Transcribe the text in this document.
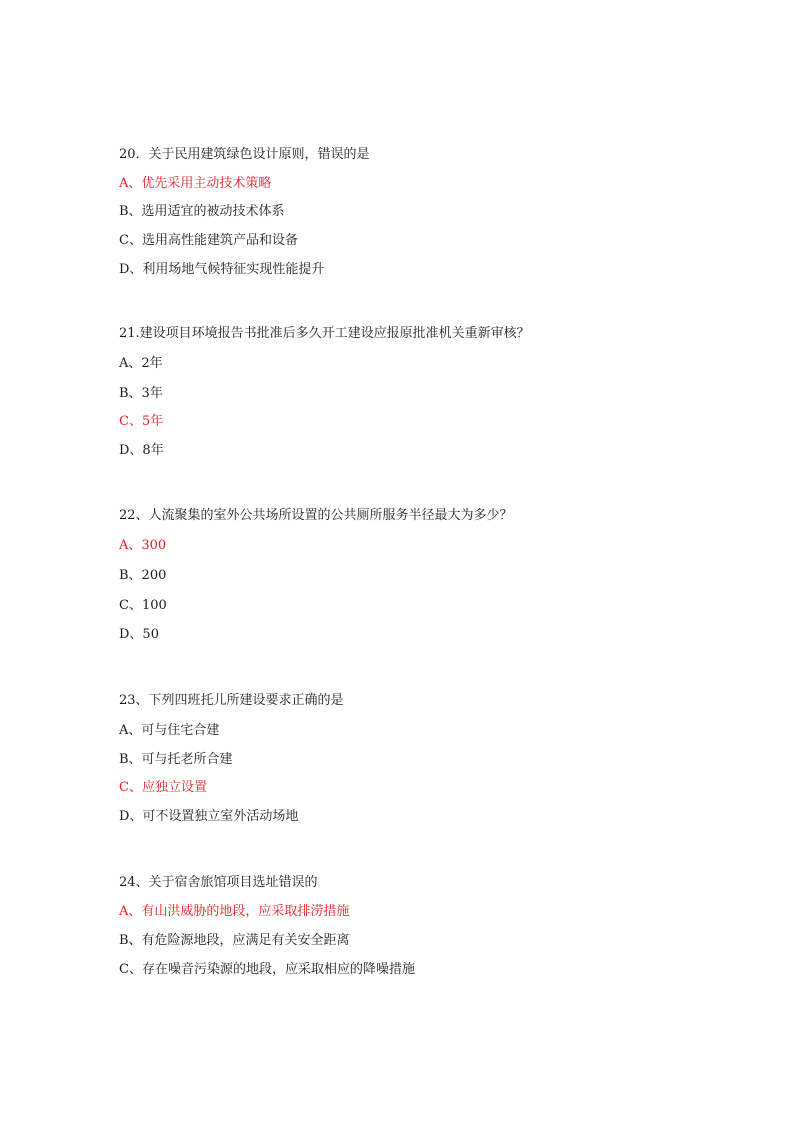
20．关于民用建筑绿色设计原则，错误的是

A、优先采用主动技术策略

B、选用适宜的被动技术体系

C、选用高性能建筑产品和设备

D、利用场地气候特征实现性能提升

21.建设项目环境报告书批准后多久开工建设应报原批准机关重新审核？

A、2年

B、3年

C、5年

D、8年

22、人流聚集的室外公共场所设置的公共厕所服务半径最大为多少？

A、300

B、200

C、100

D、50

23、下列四班托儿所建设要求正确的是

A、可与住宅合建

B、可与托老所合建

C、应独立设置

D、可不设置独立室外活动场地

24、关于宿舍旅馆项目选址错误的

A、有山洪威胁的地段，应采取排涝措施

B、有危险源地段，应满足有关安全距离

C、存在噪音污染源的地段，应采取相应的降噪措施
